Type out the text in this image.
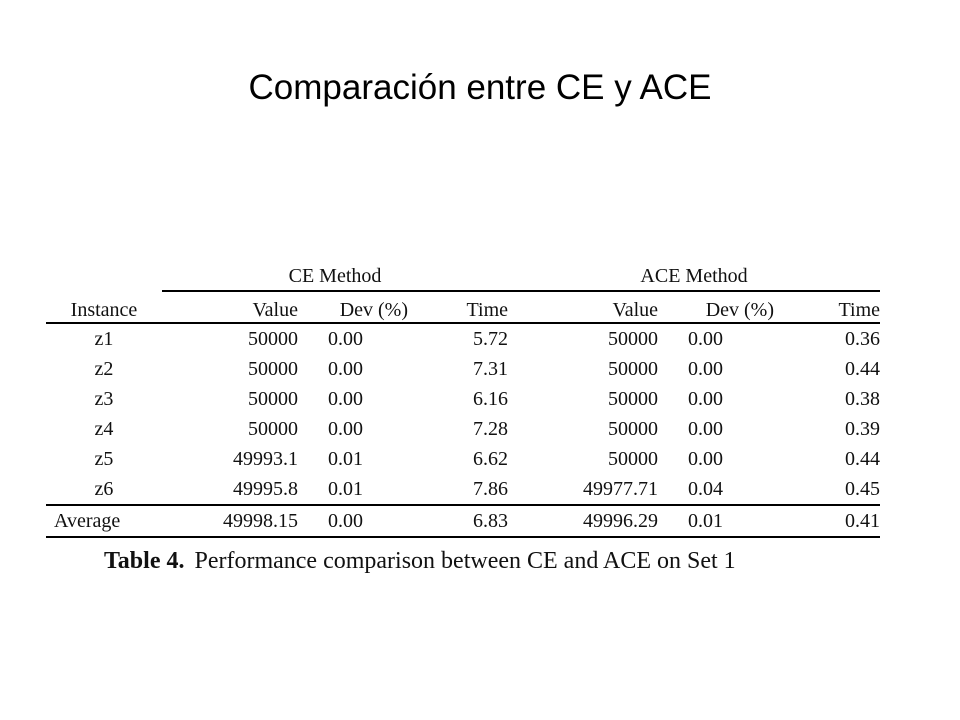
Comparación entre CE y ACE
	CE Method			ACE Method		
Instance	Value	Dev (%)	Time	Value	Dev (%)	Time
z1	50000	0.00	5.72	50000	0.00	0.36
z2	50000	0.00	7.31	50000	0.00	0.44
z3	50000	0.00	6.16	50000	0.00	0.38
z4	50000	0.00	7.28	50000	0.00	0.39
z5	49993.1	0.01	6.62	50000	0.00	0.44
z6	49995.8	0.01	7.86	49977.71	0.04	0.45
Average	49998.15	0.00	6.83	49996.29	0.01	0.41
Table 4. Performance comparison between CE and ACE on Set 1
